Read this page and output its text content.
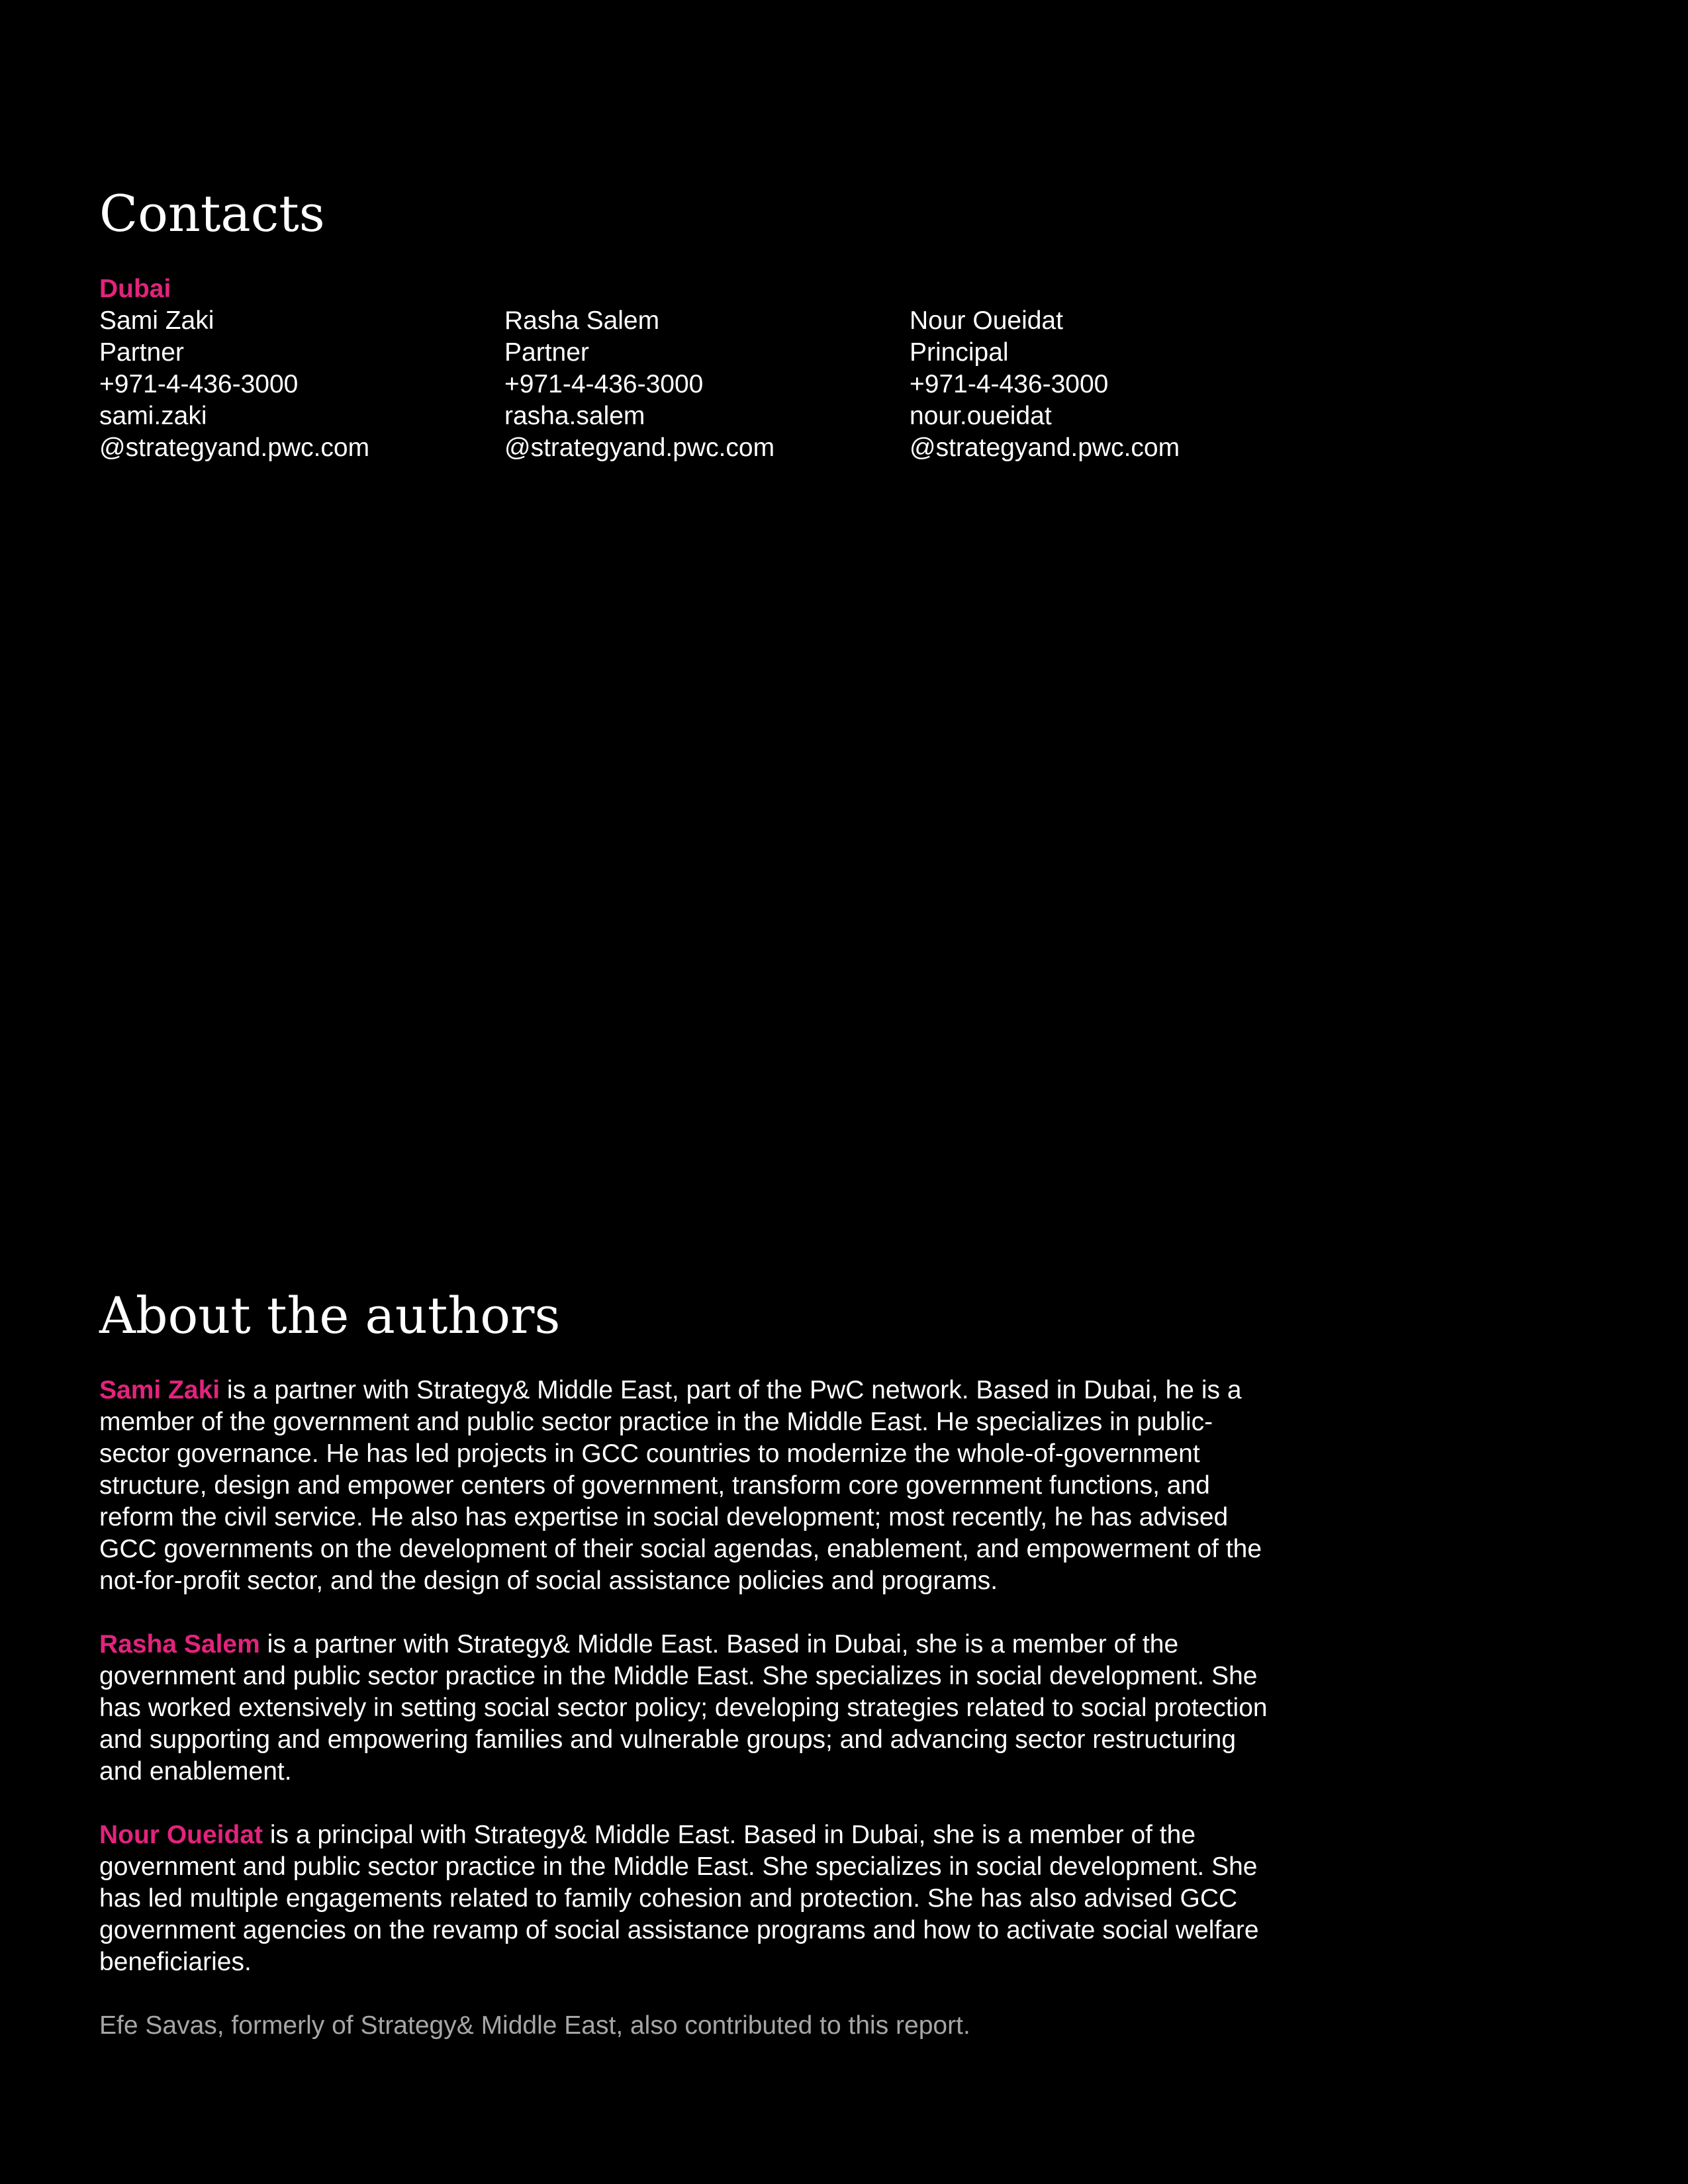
Contacts
Dubai
Sami Zaki
Partner
+971-4-436-3000
sami.zaki
@strategyand.pwc.com
Rasha Salem
Partner
+971-4-436-3000
rasha.salem
@strategyand.pwc.com
Nour Oueidat
Principal
+971-4-436-3000
nour.oueidat
@strategyand.pwc.com
About the authors

Sami Zaki is a partner with Strategy& Middle East, part of the PwC network. Based in Dubai, he is a member of the government and public sector practice in the Middle East. He specializes in public-sector governance. He has led projects in GCC countries to modernize the whole-of-government structure, design and empower centers of government, transform core government functions, and reform the civil service. He also has expertise in social development; most recently, he has advised GCC governments on the development of their social agendas, enablement, and empowerment of the not-for-profit sector, and the design of social assistance policies and programs.

Rasha Salem is a partner with Strategy& Middle East. Based in Dubai, she is a member of the government and public sector practice in the Middle East. She specializes in social development. She has worked extensively in setting social sector policy; developing strategies related to social protection and supporting and empowering families and vulnerable groups; and advancing sector restructuring and enablement.

Nour Oueidat is a principal with Strategy& Middle East. Based in Dubai, she is a member of the government and public sector practice in the Middle East. She specializes in social development. She has led multiple engagements related to family cohesion and protection. She has also advised GCC government agencies on the revamp of social assistance programs and how to activate social welfare beneficiaries.

Efe Savas, formerly of Strategy& Middle East, also contributed to this report.
